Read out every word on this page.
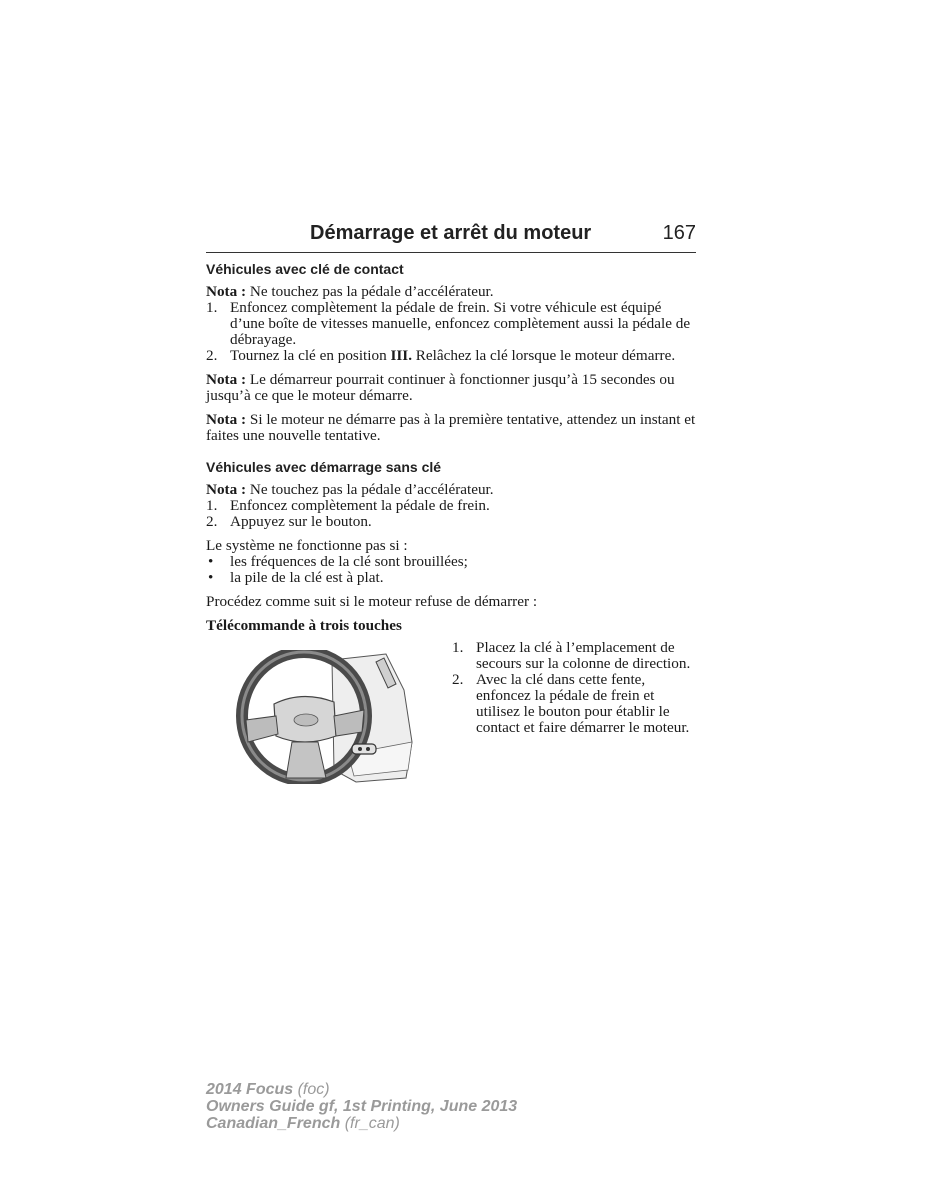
Démarrage et arrêt du moteur	167

Véhicules avec clé de contact

Nota : Ne touchez pas la pédale d’accélérateur.

1. Enfoncez complètement la pédale de frein. Si votre véhicule est équipé d’une boîte de vitesses manuelle, enfoncez complètement aussi la pédale de débrayage.
2. Tournez la clé en position III. Relâchez la clé lorsque le moteur démarre.

Nota : Le démarreur pourrait continuer à fonctionner jusqu’à 15 secondes ou jusqu’à ce que le moteur démarre.

Nota : Si le moteur ne démarre pas à la première tentative, attendez un instant et faites une nouvelle tentative.

Véhicules avec démarrage sans clé

Nota : Ne touchez pas la pédale d’accélérateur.

1. Enfoncez complètement la pédale de frein.
2. Appuyez sur le bouton.

Le système ne fonctionne pas si :

• les fréquences de la clé sont brouillées;
• la pile de la clé est à plat.

Procédez comme suit si le moteur refuse de démarrer :

Télécommande à trois touches

1. Placez la clé à l’emplacement de secours sur la colonne de direction.
2. Avec la clé dans cette fente, enfoncez la pédale de frein et utilisez le bouton pour établir le contact et faire démarrer le moteur.
2014 Focus (foc)
Owners Guide gf, 1st Printing, June 2013
Canadian_French (fr_can)
